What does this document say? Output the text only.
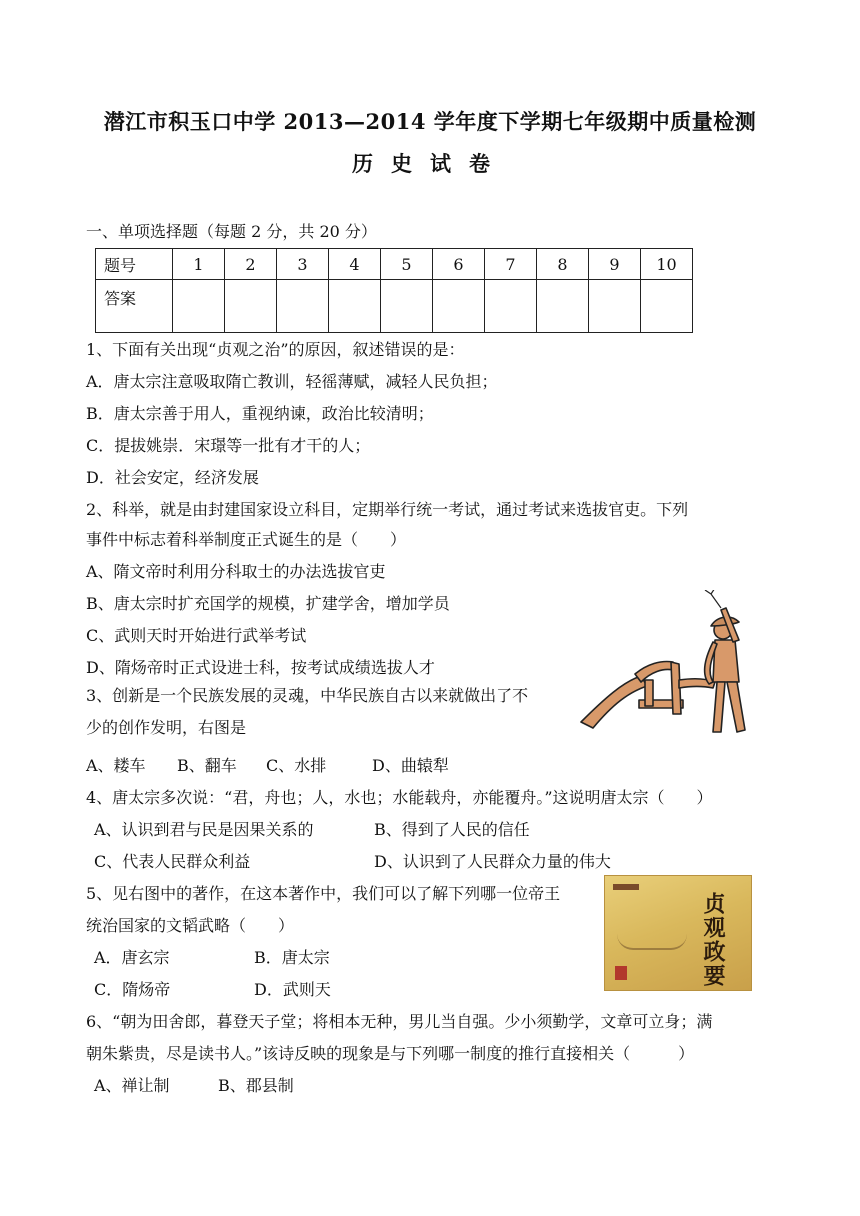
潜江市积玉口中学 2013—2014 学年度下学期七年级期中质量检测
历史试卷
一、单项选择题（每题 2 分，共 20 分）
题号	1	2	3	4	5	6	7	8	9	10
答案										
1、下面有关出现“贞观之治”的原因，叙述错误的是：
A．唐太宗注意吸取隋亡教训，轻徭薄赋，减轻人民负担；
B．唐太宗善于用人，重视纳谏，政治比较清明；
C．提拔姚崇．宋璟等一批有才干的人；
D．社会安定，经济发展
2、科举，就是由封建国家设立科目，定期举行统一考试，通过考试来选拔官吏。下列
事件中标志着科举制度正式诞生的是（　　）
A、隋文帝时利用分科取士的办法选拔官吏
B、唐太宗时扩充国学的规模，扩建学舍，增加学员
C、武则天时开始进行武举考试
D、隋炀帝时正式设进士科，按考试成绩选拔人才
3、创新是一个民族发展的灵魂，中华民族自古以来就做出了不
少的创作发明，右图是
A、耧车 B、翻车 C、水排	D、曲辕犁
4、唐太宗多次说：“君，舟也；人，水也；水能载舟，亦能覆舟。”这说明唐太宗（　　）
A、认识到君与民是因果关系的	B、得到了人民的信任
C、代表人民群众利益	D、认识到了人民群众力量的伟大
5、见右图中的著作，在这本著作中，我们可以了解下列哪一位帝王
统治国家的文韬武略（　　）
A．唐玄宗	B．唐太宗
C．隋炀帝	D．武则天
贞观政要
6、“朝为田舍郎，暮登天子堂；将相本无种，男儿当自强。少小须勤学，文章可立身；满
朝朱紫贵，尽是读书人。”该诗反映的现象是与下列哪一制度的推行直接相关（　　　）
A、禅让制	B、郡县制
